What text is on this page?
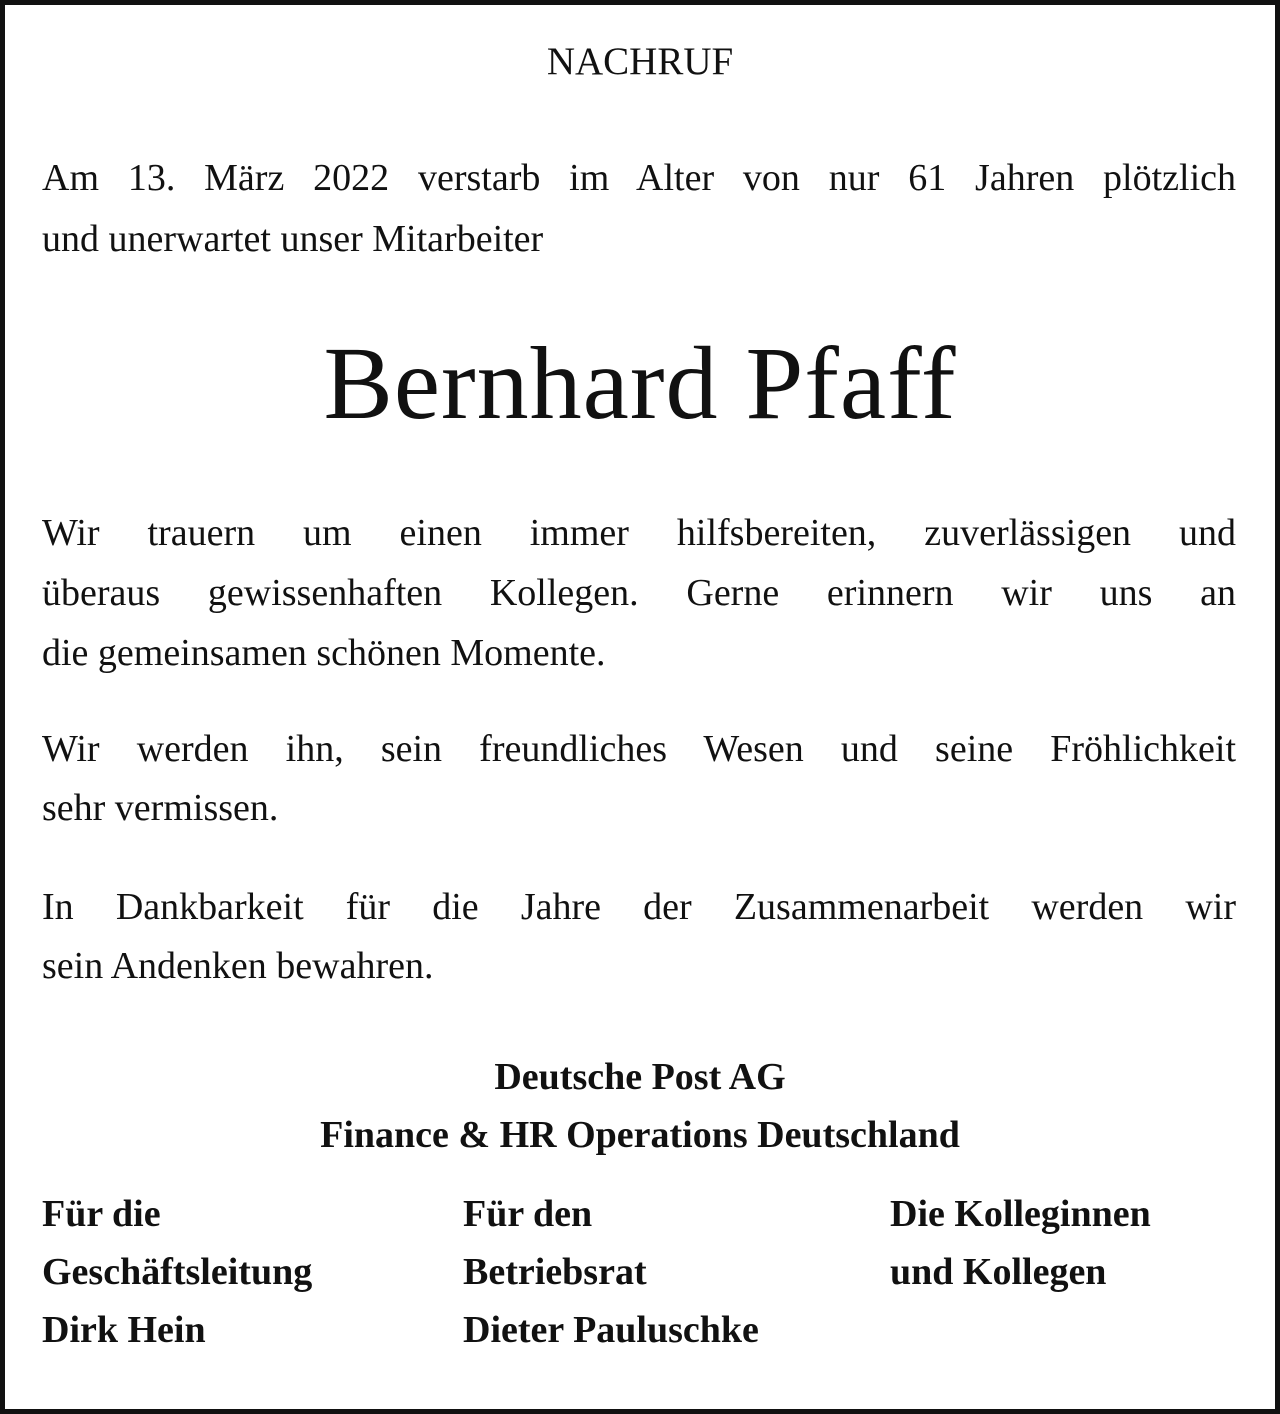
NACHRUF
Am 13. März 2022 verstarb im Alter von nur 61 Jahren plötzlich
und unerwartet unser Mitarbeiter
Bernhard Pfaff
Wir trauern um einen immer hilfsbereiten, zuverlässigen und
überaus gewissenhaften Kollegen. Gerne erinnern wir uns an
die gemeinsamen schönen Momente.
Wir werden ihn, sein freundliches Wesen und seine Fröhlichkeit
sehr vermissen.
In Dankbarkeit für die Jahre der Zusammenarbeit werden wir
sein Andenken bewahren.
Deutsche Post AG
Finance & HR Operations Deutschland
Für die
Geschäftsleitung
Dirk Hein
Für den
Betriebsrat
Dieter Pauluschke
Die Kolleginnen
und Kollegen
